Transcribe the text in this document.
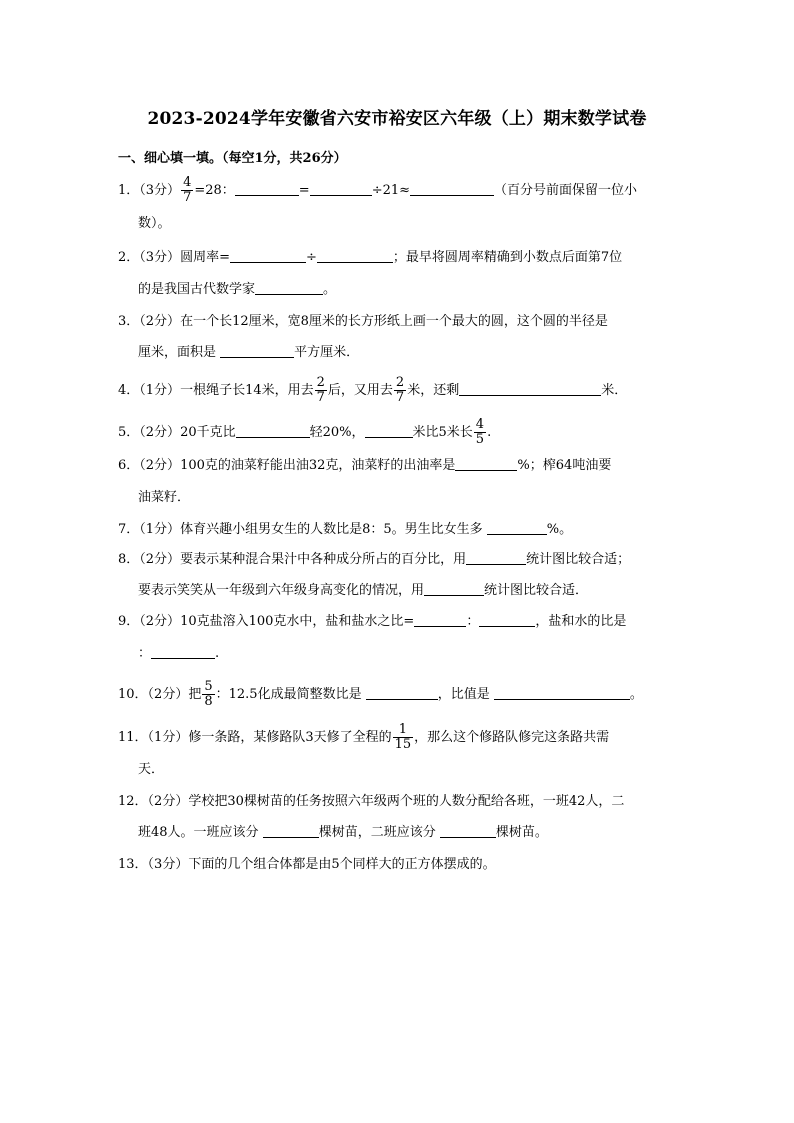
2023-2024学年安徽省六安市裕安区六年级（上）期末数学试卷
一、细心填一填。（每空1分，共26分）
1．（3分） $\frac{4}{7} =28$：	=	÷21≈	（百分号前面保留一位小
数）。
2．（3分）圆周率=	÷	；最早将圆周率精确到小数点后面第7位
的是我国古代数学家	。
3．（2分）在一个长12厘米，宽8厘米的长方形纸上画一个最大的圆，这个圆的半径是
厘米，面积是	平方厘米．
4．（1分）一根绳子长14米，用去 $\frac{2}{7}$ 后，又用去 $\frac{2}{7}$ 米，还剩	米．
5．（2分）20千克比	轻20%，	米比5米长 $\frac{4}{5}$ .
6．（2分）100克的油菜籽能出油32克，油菜籽的出油率是	%；榨64吨油要
油菜籽．
7．（1分）体育兴趣小组男女生的人数比是8：5。男生比女生多	%。
8．（2分）要表示某种混合果汁中各种成分所占的百分比，用	统计图比较合适；
要表示笑笑从一年级到六年级身高变化的情况，用	统计图比较合适．
9．（2分）10克盐溶入100克水中，盐和盐水之比=	：	，盐和水的比是
：	.
10．（2分）把 $\frac{5}{8}$ ：12.5化成最简整数比是	，比值是	。
11．（1分）修一条路，某修路队3天修了全程的 $\frac{1}{15}$ ，那么这个修路队修完这条路共需
天．
12．（2分）学校把30棵树苗的任务按照六年级两个班的人数分配给各班，一班42人，二
班48人。一班应该分	棵树苗，二班应该分	棵树苗。
13．（3分）下面的几个组合体都是由5个同样大的正方体摆成的。
